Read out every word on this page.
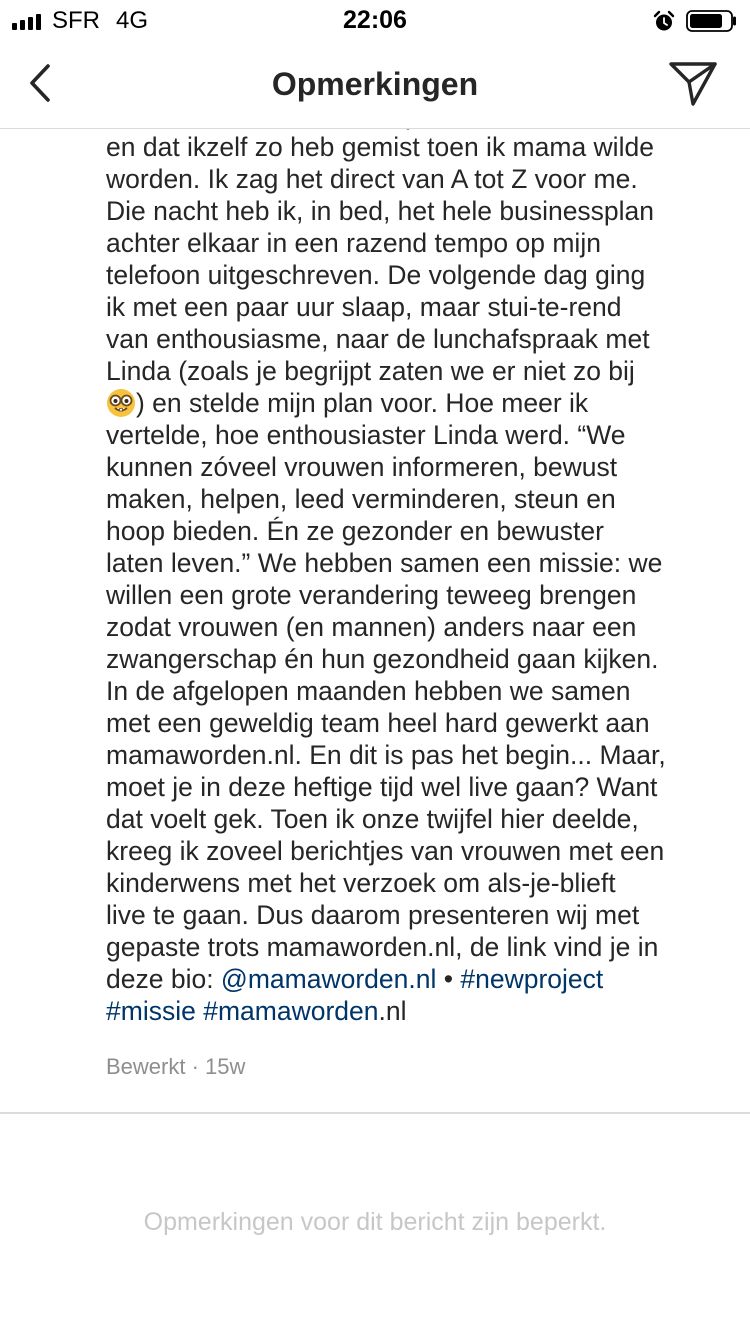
SFR 4G	22:06
Opmerkingen
en dat ikzelf zo heb gemist toen ik mama wilde
worden. Ik zag het direct van A tot Z voor me.
Die nacht heb ik, in bed, het hele businessplan
achter elkaar in een razend tempo op mijn
telefoon uitgeschreven. De volgende dag ging
ik met een paar uur slaap, maar stui-te-rend
van enthousiasme, naar de lunchafspraak met
Linda (zoals je begrijpt zaten we er niet zo bij
) en stelde mijn plan voor. Hoe meer ik
vertelde, hoe enthousiaster Linda werd. “We
kunnen zóveel vrouwen informeren, bewust
maken, helpen, leed verminderen, steun en
hoop bieden. Én ze gezonder en bewuster
laten leven.” We hebben samen een missie: we
willen een grote verandering teweeg brengen
zodat vrouwen (en mannen) anders naar een
zwangerschap én hun gezondheid gaan kijken.
In de afgelopen maanden hebben we samen
met een geweldig team heel hard gewerkt aan
mamaworden.nl. En dit is pas het begin... Maar,
moet je in deze heftige tijd wel live gaan? Want
dat voelt gek. Toen ik onze twijfel hier deelde,
kreeg ik zoveel berichtjes van vrouwen met een
kinderwens met het verzoek om als-je-blieft
live te gaan. Dus daarom presenteren wij met
gepaste trots mamaworden.nl, de link vind je in
deze bio: @mamaworden.nl • #newproject
#missie #mamaworden.nl
Bewerkt · 15w
Opmerkingen voor dit bericht zijn beperkt.
